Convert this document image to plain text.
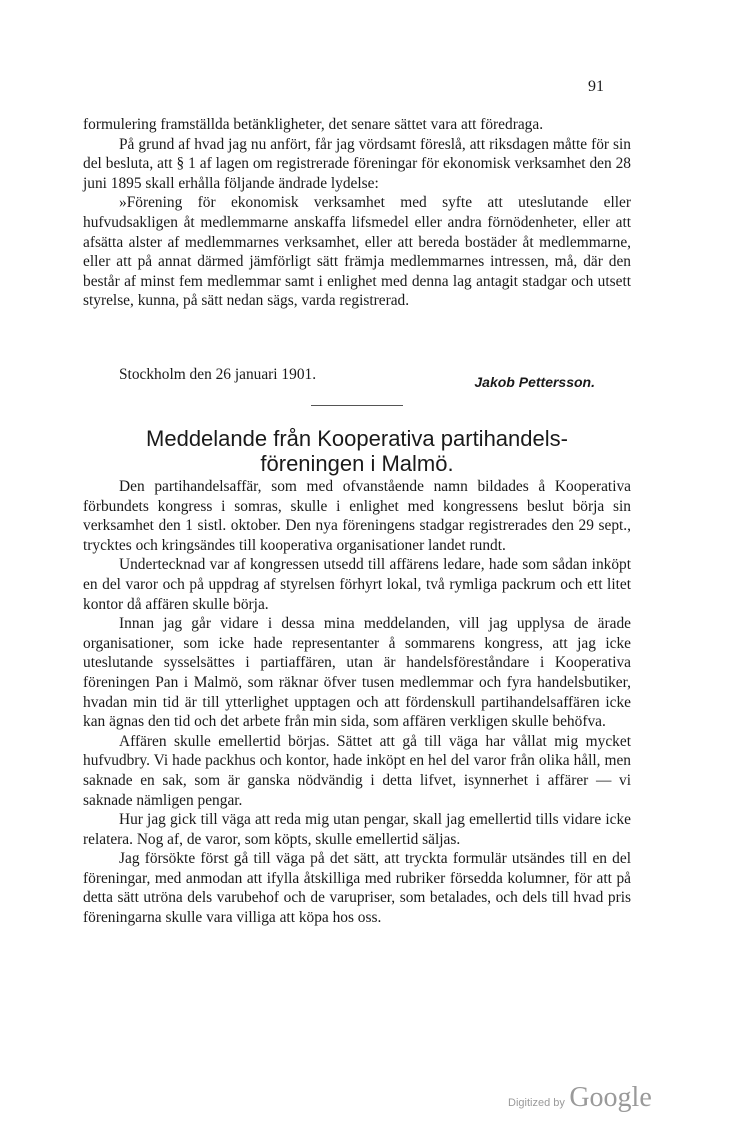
91

formulering framställda betänkligheter, det senare sättet vara att föredraga.

På grund af hvad jag nu anfört, får jag vördsamt föreslå, att riksdagen måtte för sin del besluta, att § 1 af lagen om registrerade föreningar för ekonomisk verksamhet den 28 juni 1895 skall erhålla följande ändrade lydelse:

»Förening för ekonomisk verksamhet med syfte att uteslutande eller hufvudsakligen åt medlemmarne anskaffa lifsmedel eller andra förnödenheter, eller att afsätta alster af medlemmarnes verksamhet, eller att bereda bostäder åt medlemmarne, eller att på annat därmed jämförligt sätt främja medlemmarnes intressen, må, där den består af minst fem medlemmar samt i enlighet med denna lag antagit stadgar och utsett styrelse, kunna, på sätt nedan sägs, varda registrerad.

Stockholm den 26 januari 1901.	Jakob Pettersson.
Meddelande från Kooperativa partihandels-
föreningen i Malmö.

Den partihandelsaffär, som med ofvanstående namn bildades å Kooperativa förbundets kongress i somras, skulle i enlighet med kongressens beslut börja sin verksamhet den 1 sistl. oktober. Den nya föreningens stadgar registrerades den 29 sept., trycktes och kringsändes till kooperativa organisationer landet rundt.

Undertecknad var af kongressen utsedd till affärens ledare, hade som sådan inköpt en del varor och på uppdrag af styrelsen förhyrt lokal, två rymliga packrum och ett litet kontor då affären skulle börja.

Innan jag går vidare i dessa mina meddelanden, vill jag upplysa de ärade organisationer, som icke hade representanter å sommarens kongress, att jag icke uteslutande sysselsättes i partiaffären, utan är handelsföreståndare i Kooperativa föreningen Pan i Malmö, som räknar öfver tusen medlemmar och fyra handelsbutiker, hvadan min tid är till ytterlighet upptagen och att fördenskull partihandelsaffären icke kan ägnas den tid och det arbete från min sida, som affären verkligen skulle behöfva.

Affären skulle emellertid börjas. Sättet att gå till väga har vållat mig mycket hufvudbry. Vi hade packhus och kontor, hade inköpt en hel del varor från olika håll, men saknade en sak, som är ganska nödvändig i detta lifvet, isynnerhet i affärer — vi saknade nämligen pengar.

Hur jag gick till väga att reda mig utan pengar, skall jag emellertid tills vidare icke relatera. Nog af, de varor, som köpts, skulle emellertid säljas.

Jag försökte först gå till väga på det sätt, att tryckta formulär utsändes till en del föreningar, med anmodan att ifylla åtskilliga med rubriker försedda kolumner, för att på detta sätt utröna dels varubehof och de varupriser, som betalades, och dels till hvad pris föreningarna skulle vara villiga att köpa hos oss.

Digitized by Google
